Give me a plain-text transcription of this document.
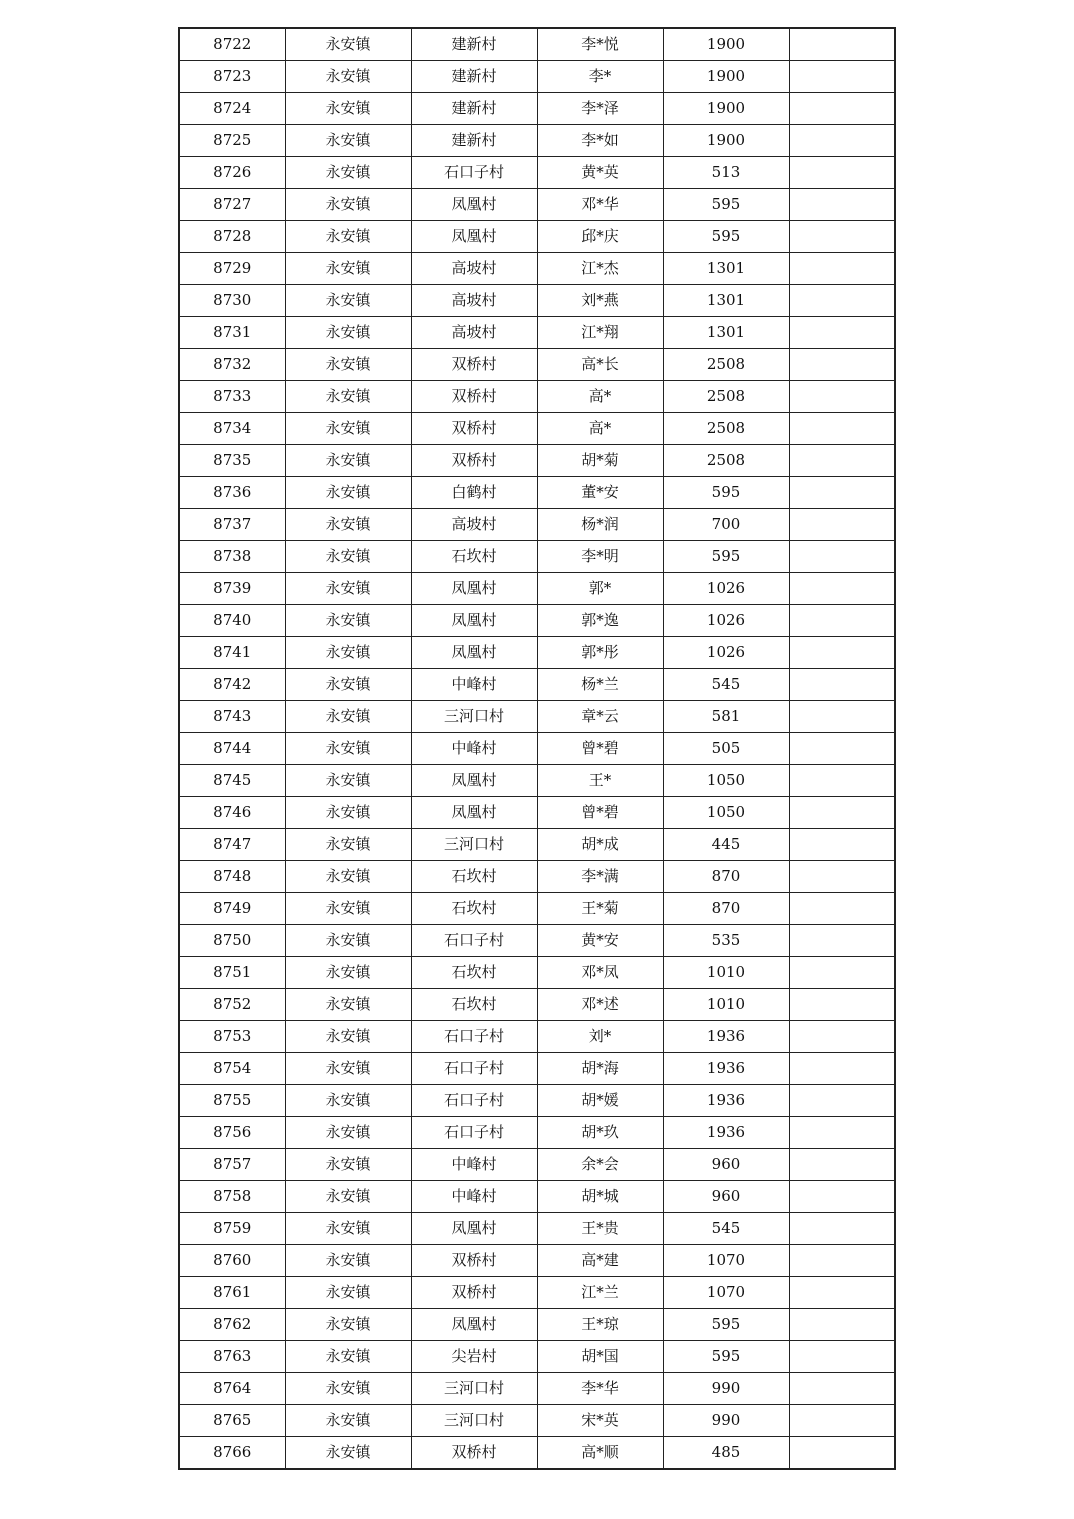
8722	永安镇	建新村	李*悦	1900	
8723	永安镇	建新村	李*	1900	
8724	永安镇	建新村	李*泽	1900	
8725	永安镇	建新村	李*如	1900	
8726	永安镇	石口子村	黄*英	513	
8727	永安镇	凤凰村	邓*华	595	
8728	永安镇	凤凰村	邱*庆	595	
8729	永安镇	高坡村	江*杰	1301	
8730	永安镇	高坡村	刘*燕	1301	
8731	永安镇	高坡村	江*翔	1301	
8732	永安镇	双桥村	高*长	2508	
8733	永安镇	双桥村	高*	2508	
8734	永安镇	双桥村	高*	2508	
8735	永安镇	双桥村	胡*菊	2508	
8736	永安镇	白鹤村	董*安	595	
8737	永安镇	高坡村	杨*润	700	
8738	永安镇	石坎村	李*明	595	
8739	永安镇	凤凰村	郭*	1026	
8740	永安镇	凤凰村	郭*逸	1026	
8741	永安镇	凤凰村	郭*彤	1026	
8742	永安镇	中峰村	杨*兰	545	
8743	永安镇	三河口村	章*云	581	
8744	永安镇	中峰村	曾*碧	505	
8745	永安镇	凤凰村	王*	1050	
8746	永安镇	凤凰村	曾*碧	1050	
8747	永安镇	三河口村	胡*成	445	
8748	永安镇	石坎村	李*满	870	
8749	永安镇	石坎村	王*菊	870	
8750	永安镇	石口子村	黄*安	535	
8751	永安镇	石坎村	邓*凤	1010	
8752	永安镇	石坎村	邓*述	1010	
8753	永安镇	石口子村	刘*	1936	
8754	永安镇	石口子村	胡*海	1936	
8755	永安镇	石口子村	胡*媛	1936	
8756	永安镇	石口子村	胡*玖	1936	
8757	永安镇	中峰村	余*会	960	
8758	永安镇	中峰村	胡*城	960	
8759	永安镇	凤凰村	王*贵	545	
8760	永安镇	双桥村	高*建	1070	
8761	永安镇	双桥村	江*兰	1070	
8762	永安镇	凤凰村	王*琼	595	
8763	永安镇	尖岩村	胡*国	595	
8764	永安镇	三河口村	李*华	990	
8765	永安镇	三河口村	宋*英	990	
8766	永安镇	双桥村	高*顺	485	
